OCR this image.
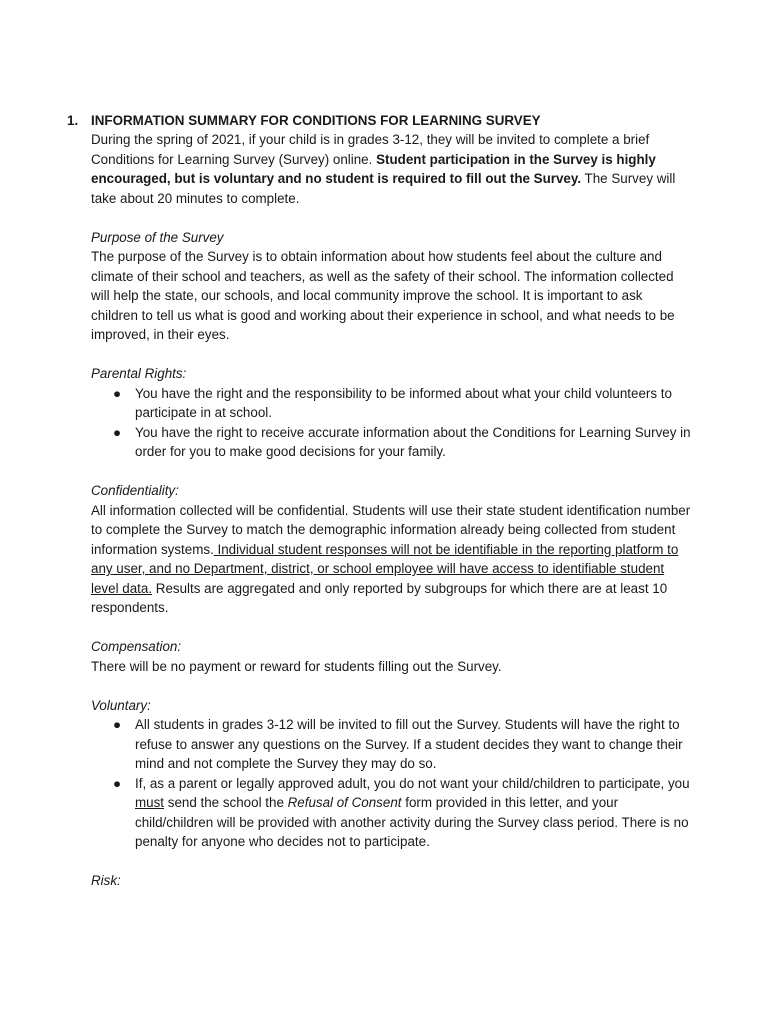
1. INFORMATION SUMMARY FOR CONDITIONS FOR LEARNING SURVEY

During the spring of 2021, if your child is in grades 3-12, they will be invited to complete a brief Conditions for Learning Survey (Survey) online. Student participation in the Survey is highly encouraged, but is voluntary and no student is required to fill out the Survey. The Survey will take about 20 minutes to complete.

Purpose of the Survey

The purpose of the Survey is to obtain information about how students feel about the culture and climate of their school and teachers, as well as the safety of their school. The information collected will help the state, our schools, and local community improve the school. It is important to ask children to tell us what is good and working about their experience in school, and what needs to be improved, in their eyes.

Parental Rights:

● You have the right and the responsibility to be informed about what your child volunteers to participate in at school.
● You have the right to receive accurate information about the Conditions for Learning Survey in order for you to make good decisions for your family.

Confidentiality:

All information collected will be confidential. Students will use their state student identification number to complete the Survey to match the demographic information already being collected from student information systems. Individual student responses will not be identifiable in the reporting platform to any user, and no Department, district, or school employee will have access to identifiable student level data. Results are aggregated and only reported by subgroups for which there are at least 10 respondents.

Compensation:

There will be no payment or reward for students filling out the Survey.

Voluntary:

● All students in grades 3-12 will be invited to fill out the Survey. Students will have the right to refuse to answer any questions on the Survey. If a student decides they want to change their mind and not complete the Survey they may do so.
● If, as a parent or legally approved adult, you do not want your child/children to participate, you must send the school the Refusal of Consent form provided in this letter, and your child/children will be provided with another activity during the Survey class period. There is no penalty for anyone who decides not to participate.

Risk:
